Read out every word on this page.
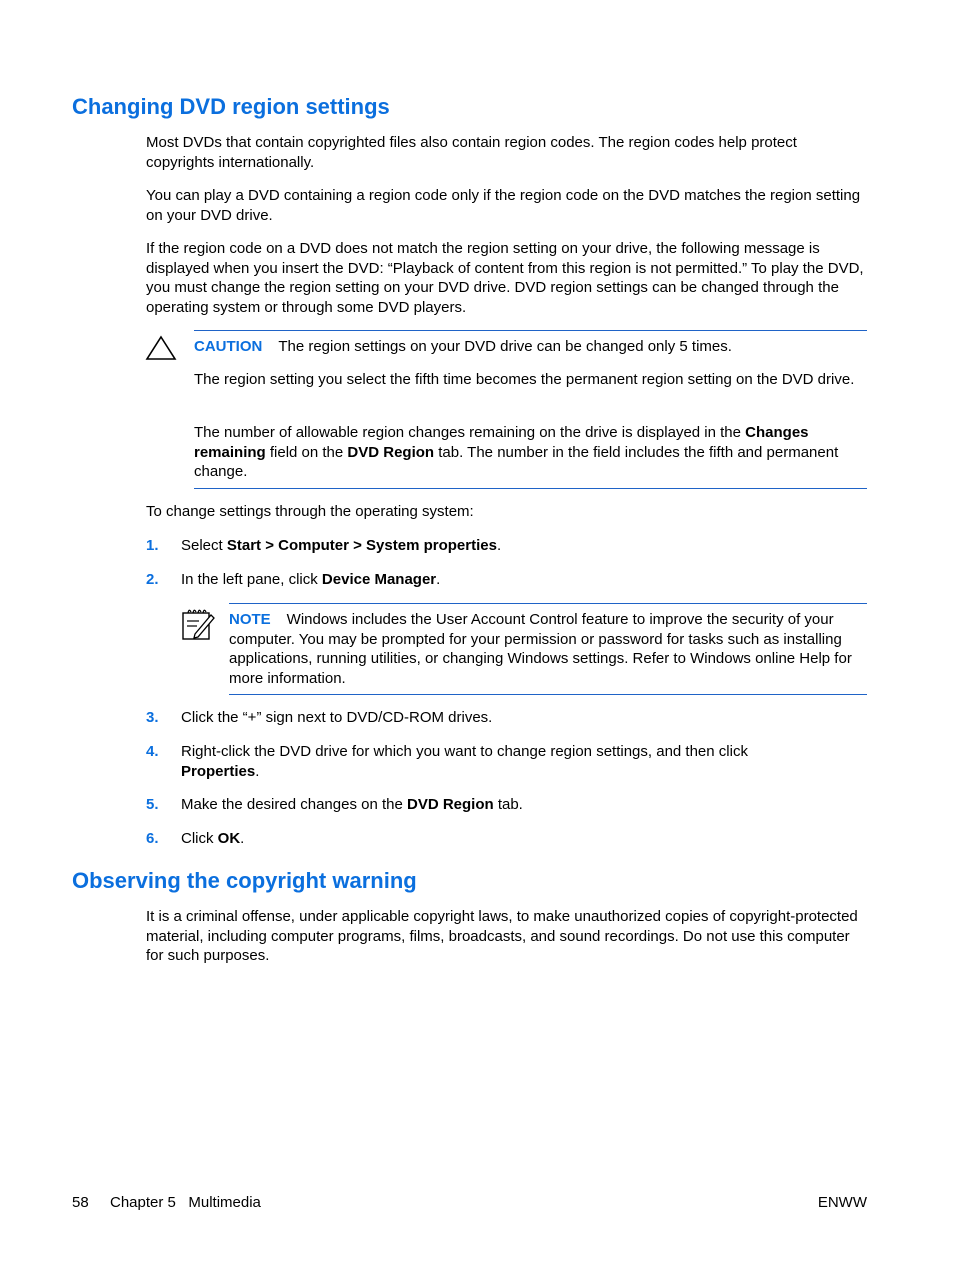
Changing DVD region settings

Most DVDs that contain copyrighted files also contain region codes. The region codes help protect copyrights internationally.

You can play a DVD containing a region code only if the region code on the DVD matches the region setting on your DVD drive.

If the region code on a DVD does not match the region setting on your drive, the following message is displayed when you insert the DVD: “Playback of content from this region is not permitted.” To play the DVD, you must change the region setting on your DVD drive. DVD region settings can be changed through the operating system or through some DVD players.

CAUTION The region settings on your DVD drive can be changed only 5 times.

The region setting you select the fifth time becomes the permanent region setting on the DVD drive.

The number of allowable region changes remaining on the drive is displayed in the Changes remaining field on the DVD Region tab. The number in the field includes the fifth and permanent change.

To change settings through the operating system:

1. Select Start > Computer > System properties.

2. In the left pane, click Device Manager.

NOTE Windows includes the User Account Control feature to improve the security of your computer. You may be prompted for your permission or password for tasks such as installing applications, running utilities, or changing Windows settings. Refer to Windows online Help for more information.

3. Click the “+” sign next to DVD/CD-ROM drives.

4. Right-click the DVD drive for which you want to change region settings, and then click Properties.

5. Make the desired changes on the DVD Region tab.

6. Click OK.

Observing the copyright warning

It is a criminal offense, under applicable copyright laws, to make unauthorized copies of copyright-protected material, including computer programs, films, broadcasts, and sound recordings. Do not use this computer for such purposes.

58 Chapter 5   Multimedia	ENWW
